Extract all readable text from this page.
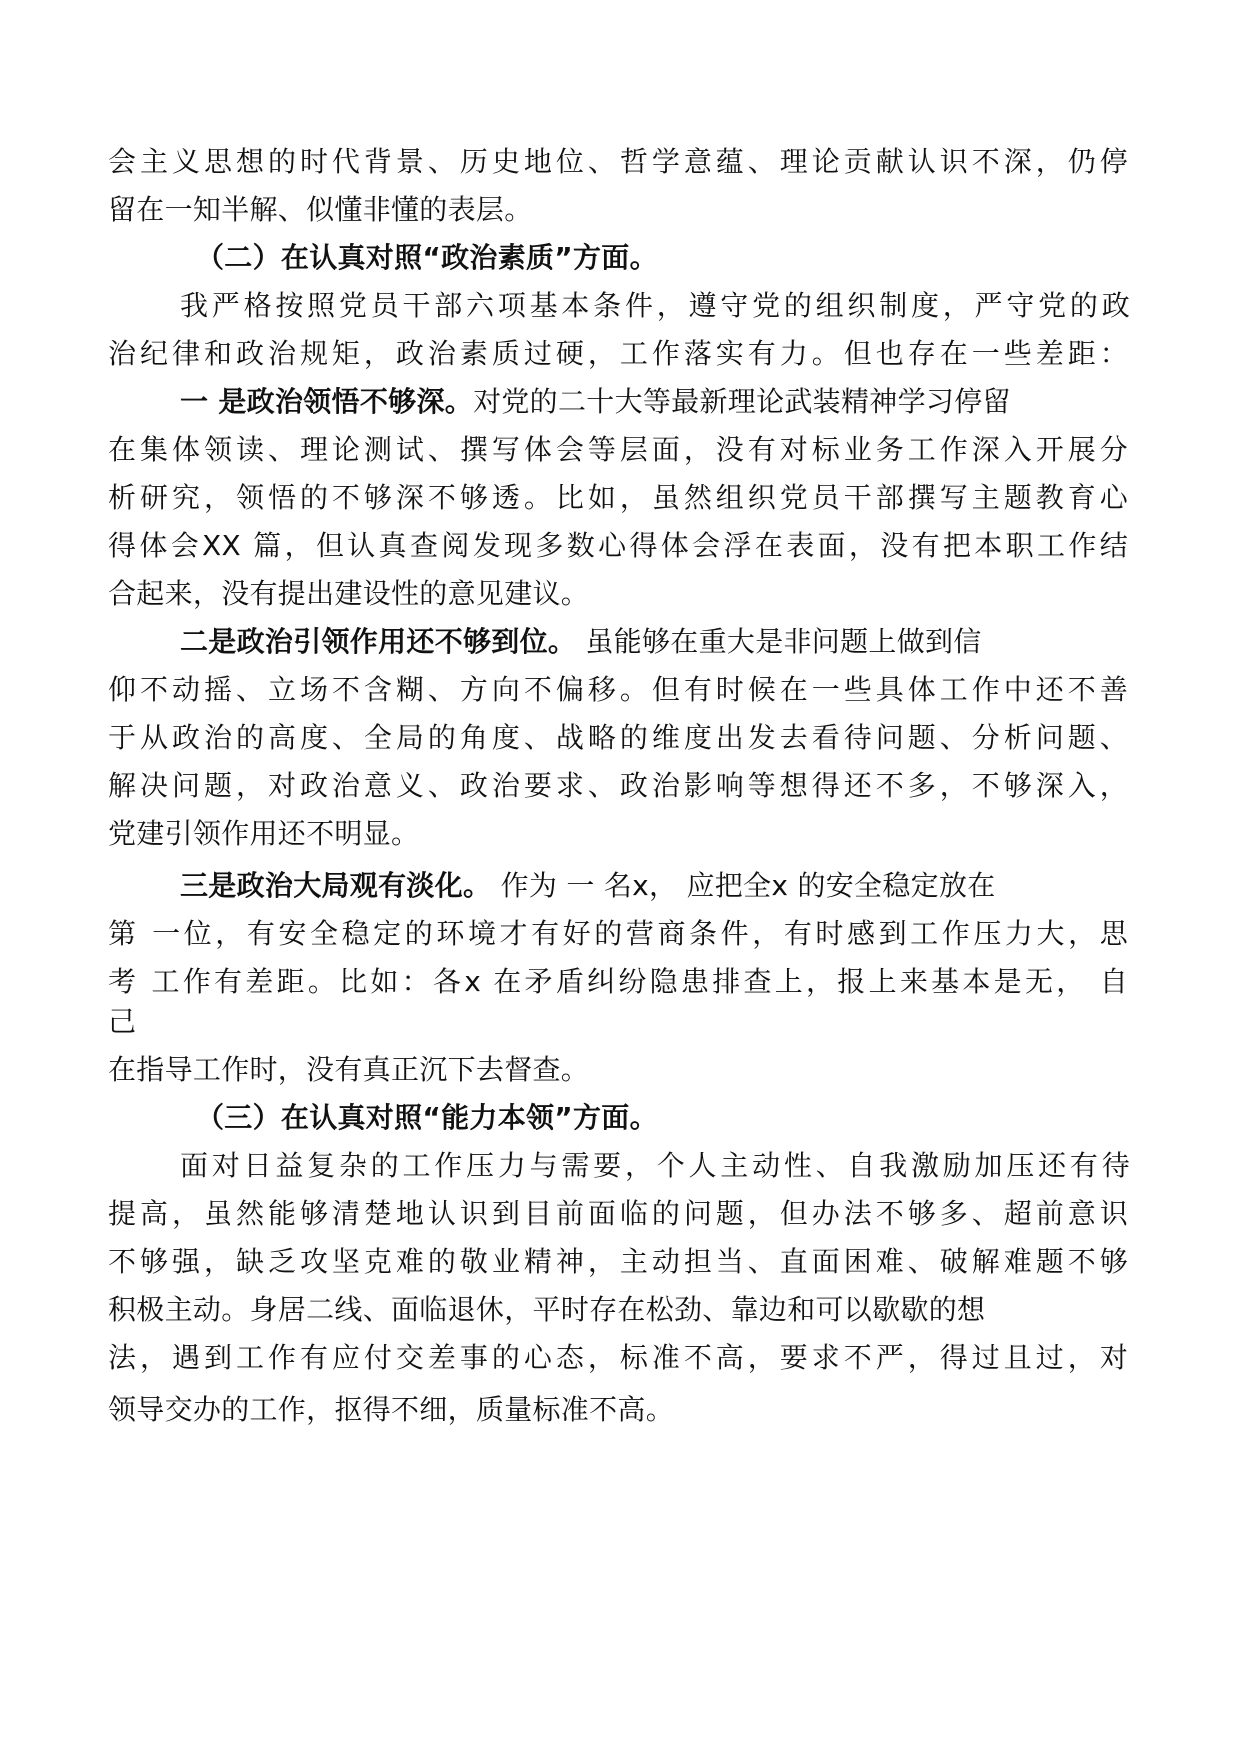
会主义思想的时代背景、历史地位、哲学意蕴、理论贡献认识不深，仍停
留在一知半解、似懂非懂的表层。
（二）在认真对照“政治素质”方面。
我严格按照党员干部六项基本条件，遵守党的组织制度，严守党的政
治纪律和政治规矩，政治素质过硬，工作落实有力。但也存在一些差距：
一 是政治领悟不够深。对党的二十大等最新理论武装精神学习停留
在集体领读、理论测试、撰写体会等层面，没有对标业务工作深入开展分
析研究，领悟的不够深不够透。比如，虽然组织党员干部撰写主题教育心
得体会XX 篇，但认真查阅发现多数心得体会浮在表面，没有把本职工作结
合起来，没有提出建设性的意见建议。
二是政治引领作用还不够到位。 虽能够在重大是非问题上做到信
仰不动摇、立场不含糊、方向不偏移。但有时候在一些具体工作中还不善
于从政治的高度、全局的角度、战略的维度出发去看待问题、分析问题、
解决问题，对政治意义、政治要求、政治影响等想得还不多，不够深入，
党建引领作用还不明显。
三是政治大局观有淡化。 作为 一 名x， 应把全x 的安全稳定放在
第 一位，有安全稳定的环境才有好的营商条件，有时感到工作压力大，思
考 工作有差距。比如：各x 在矛盾纠纷隐患排查上，报上来基本是无， 自
己
在指导工作时，没有真正沉下去督查。
（三）在认真对照“能力本领”方面。
面对日益复杂的工作压力与需要，个人主动性、自我激励加压还有待
提高，虽然能够清楚地认识到目前面临的问题，但办法不够多、超前意识
不够强，缺乏攻坚克难的敬业精神，主动担当、直面困难、破解难题不够
积极主动。身居二线、面临退休，平时存在松劲、靠边和可以歇歇的想
法，遇到工作有应付交差事的心态，标准不高，要求不严，得过且过，对
领导交办的工作，抠得不细，质量标准不高。
